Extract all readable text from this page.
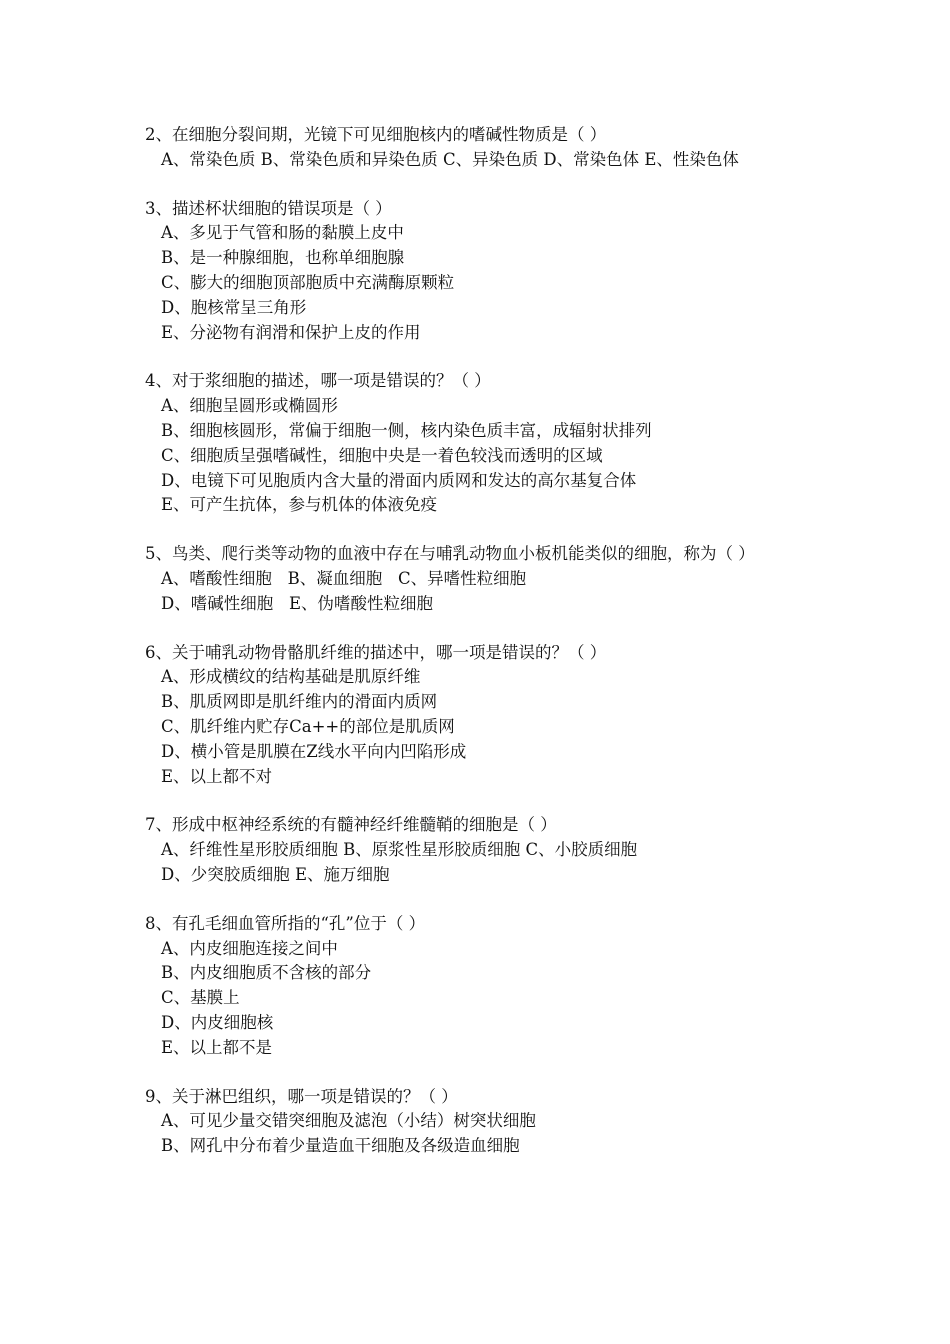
2、在细胞分裂间期，光镜下可见细胞核内的嗜碱性物质是（ ）
A、常染色质 B、常染色质和异染色质 C、异染色质 D、常染色体 E、性染色体
3、描述杯状细胞的错误项是（ ）
A、多见于气管和肠的黏膜上皮中
B、是一种腺细胞，也称单细胞腺
C、膨大的细胞顶部胞质中充满酶原颗粒
D、胞核常呈三角形
E、分泌物有润滑和保护上皮的作用
4、对于浆细胞的描述，哪一项是错误的？（ ）
A、细胞呈圆形或椭圆形
B、细胞核圆形，常偏于细胞一侧，核内染色质丰富，成辐射状排列
C、细胞质呈强嗜碱性，细胞中央是一着色较浅而透明的区域
D、电镜下可见胞质内含大量的滑面内质网和发达的高尔基复合体
E、可产生抗体，参与机体的体液免疫
5、鸟类、爬行类等动物的血液中存在与哺乳动物血小板机能类似的细胞，称为（ ）
A、嗜酸性细胞   B、凝血细胞   C、异嗜性粒细胞
D、嗜碱性细胞   E、伪嗜酸性粒细胞
6、关于哺乳动物骨骼肌纤维的描述中，哪一项是错误的？（ ）
A、形成横纹的结构基础是肌原纤维
B、肌质网即是肌纤维内的滑面内质网
C、肌纤维内贮存Ca++的部位是肌质网
D、横小管是肌膜在Z线水平向内凹陷形成
E、以上都不对
7、形成中枢神经系统的有髓神经纤维髓鞘的细胞是（ ）
A、纤维性星形胶质细胞 B、原浆性星形胶质细胞 C、小胶质细胞
D、少突胶质细胞 E、施万细胞
8、有孔毛细血管所指的“孔”位于（ ）
A、内皮细胞连接之间中
B、内皮细胞质不含核的部分
C、基膜上
D、内皮细胞核
E、以上都不是
9、关于淋巴组织，哪一项是错误的？（ ）
A、可见少量交错突细胞及滤泡（小结）树突状细胞
B、网孔中分布着少量造血干细胞及各级造血细胞
